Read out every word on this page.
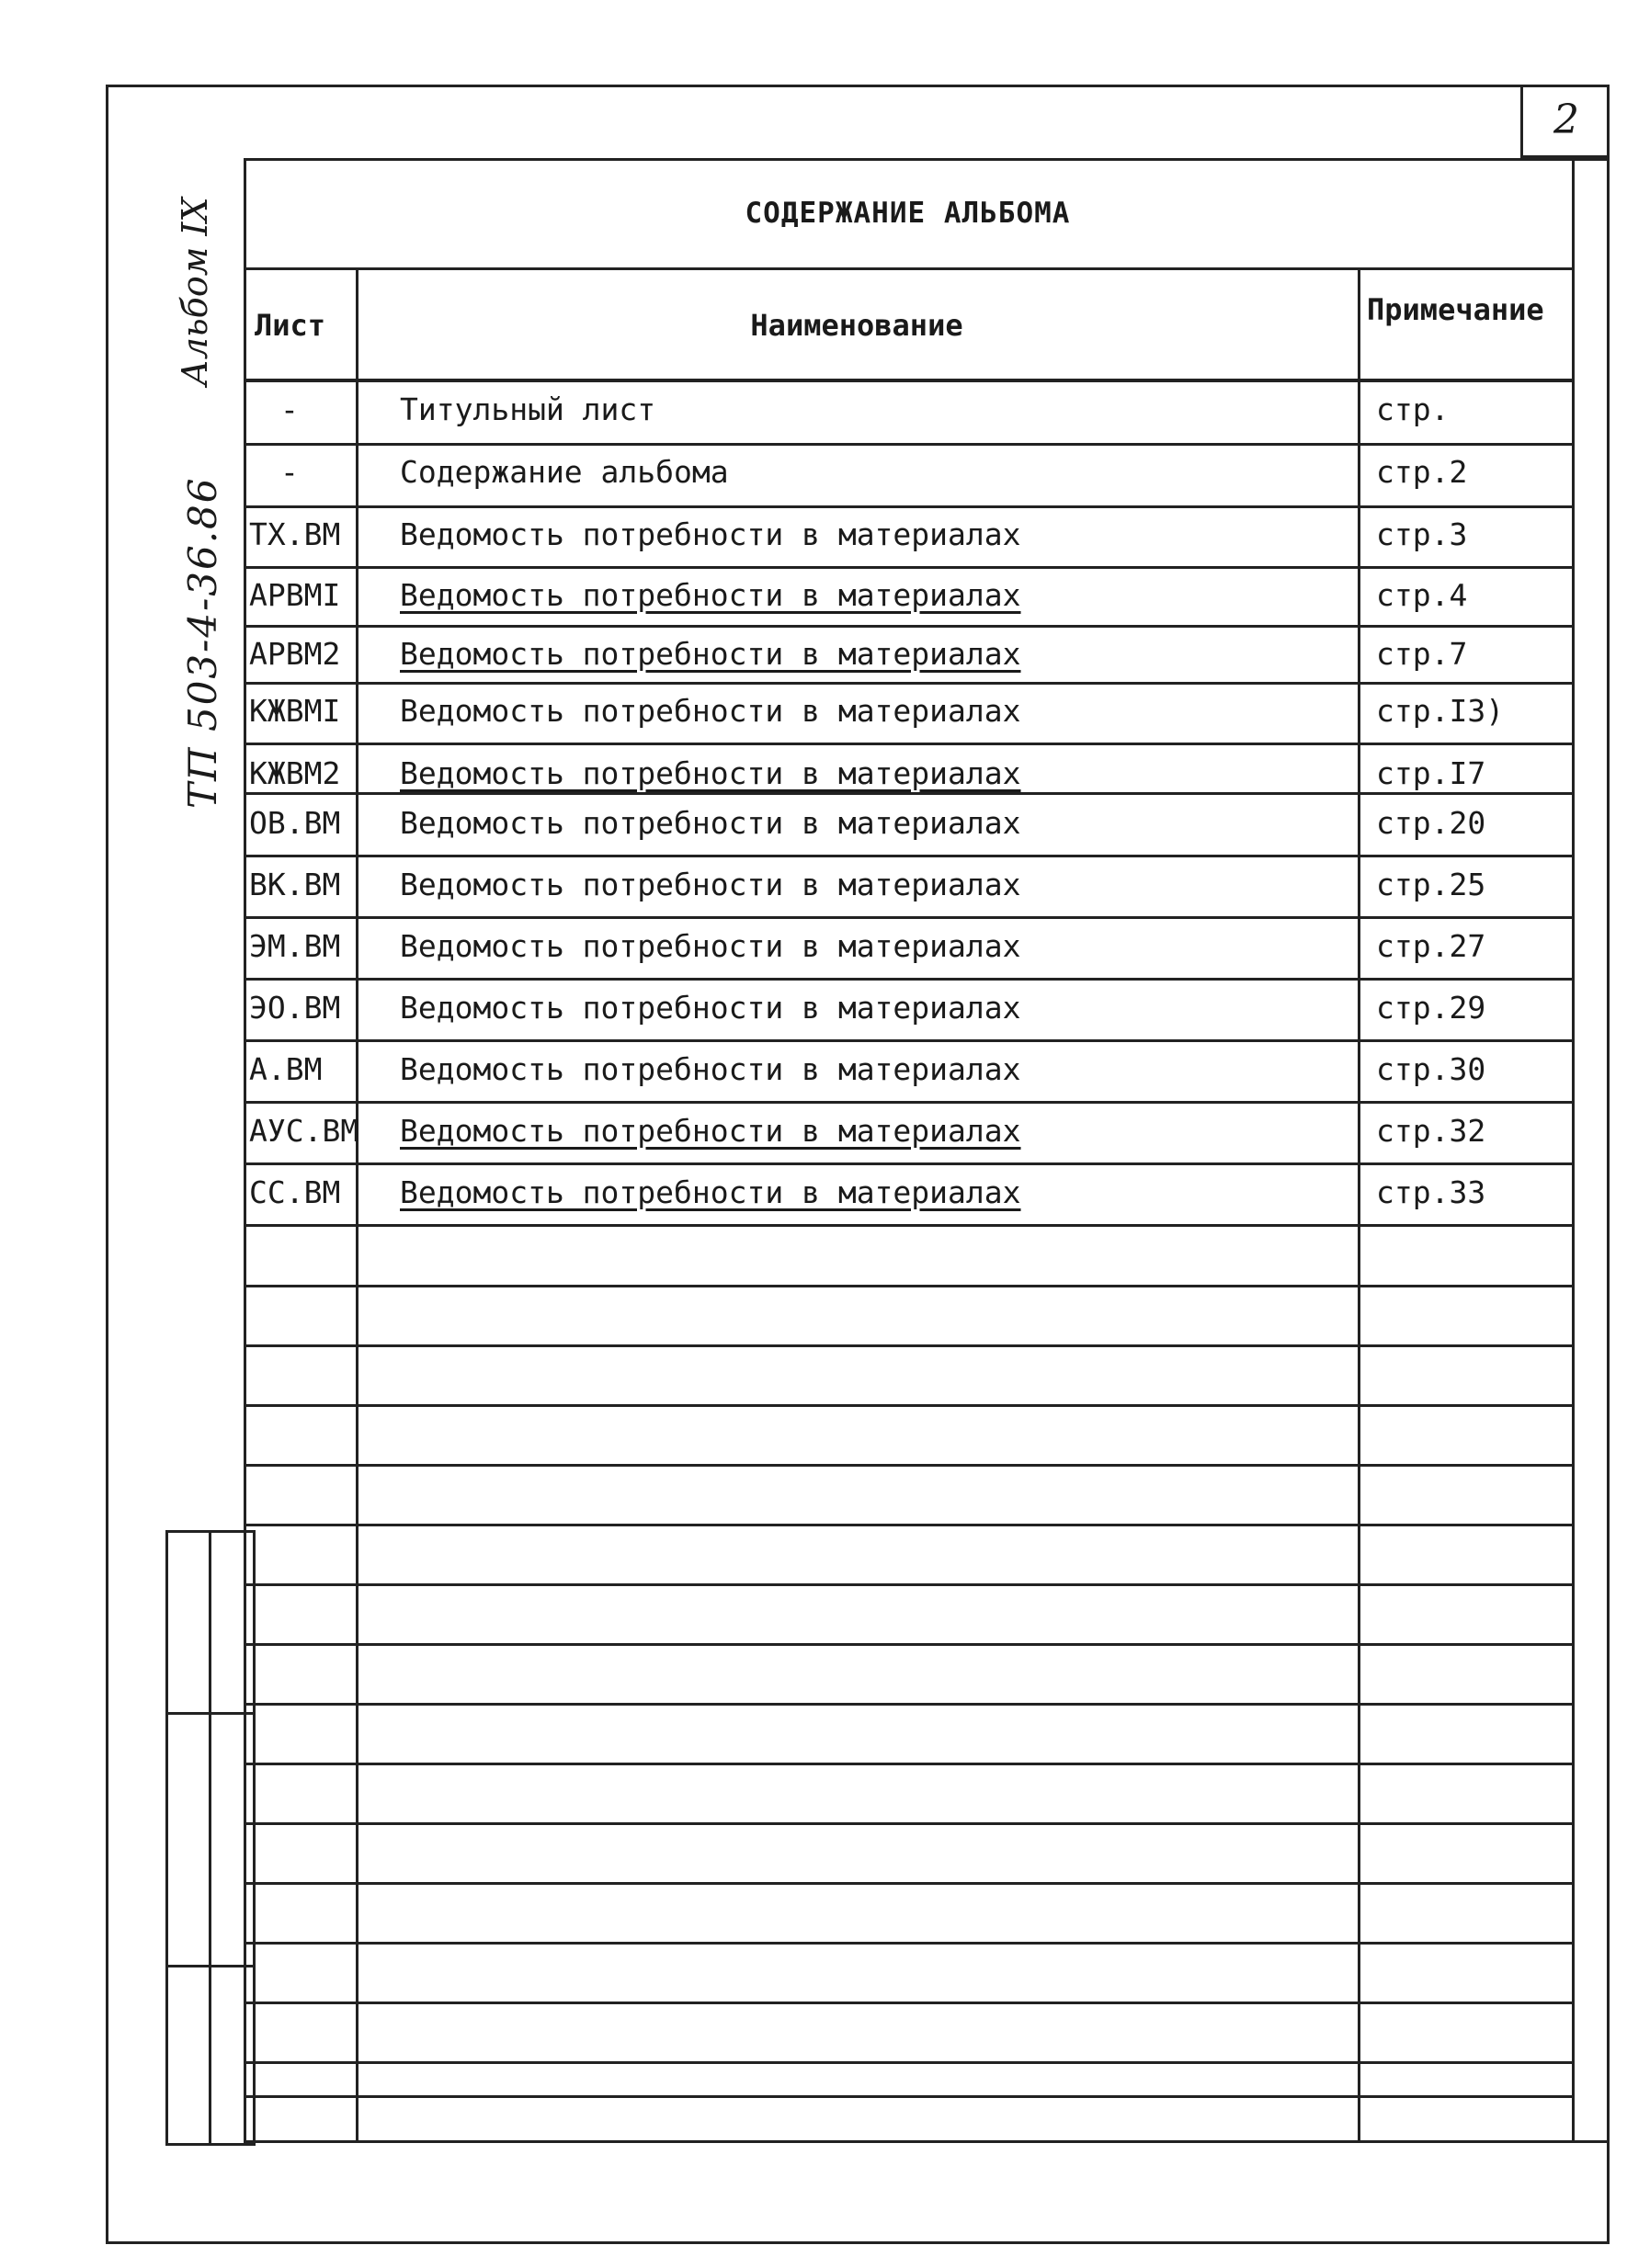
2
Альбом IX
ТП 503-4-36.86
СОДЕРЖАНИЕ АЛЬБОМА
Лист	Наименование	Примечание
-	Титульный лист	стр.
-	Содержание альбома	стр.2
ТХ.ВМ	Ведомость потребности в материалах	стр.3
АРВМI	Ведомость потребности в материалах	стр.4
АРВМ2	Ведомость потребности в материалах	стр.7
КЖВМI	Ведомость потребности в материалах	стр.I3)
КЖВМ2	Ведомость потребности в материалах	стр.I7
ОВ.ВМ	Ведомость потребности в материалах	стр.20
ВК.ВМ	Ведомость потребности в материалах	стр.25
ЭМ.ВМ	Ведомость потребности в материалах	стр.27
ЭО.ВМ	Ведомость потребности в материалах	стр.29
А.ВМ	Ведомость потребности в материалах	стр.30
АУС.ВМ Ведомость потребности в материалах	стр.32
СС.ВМ	Ведомость потребности в материалах	стр.33
